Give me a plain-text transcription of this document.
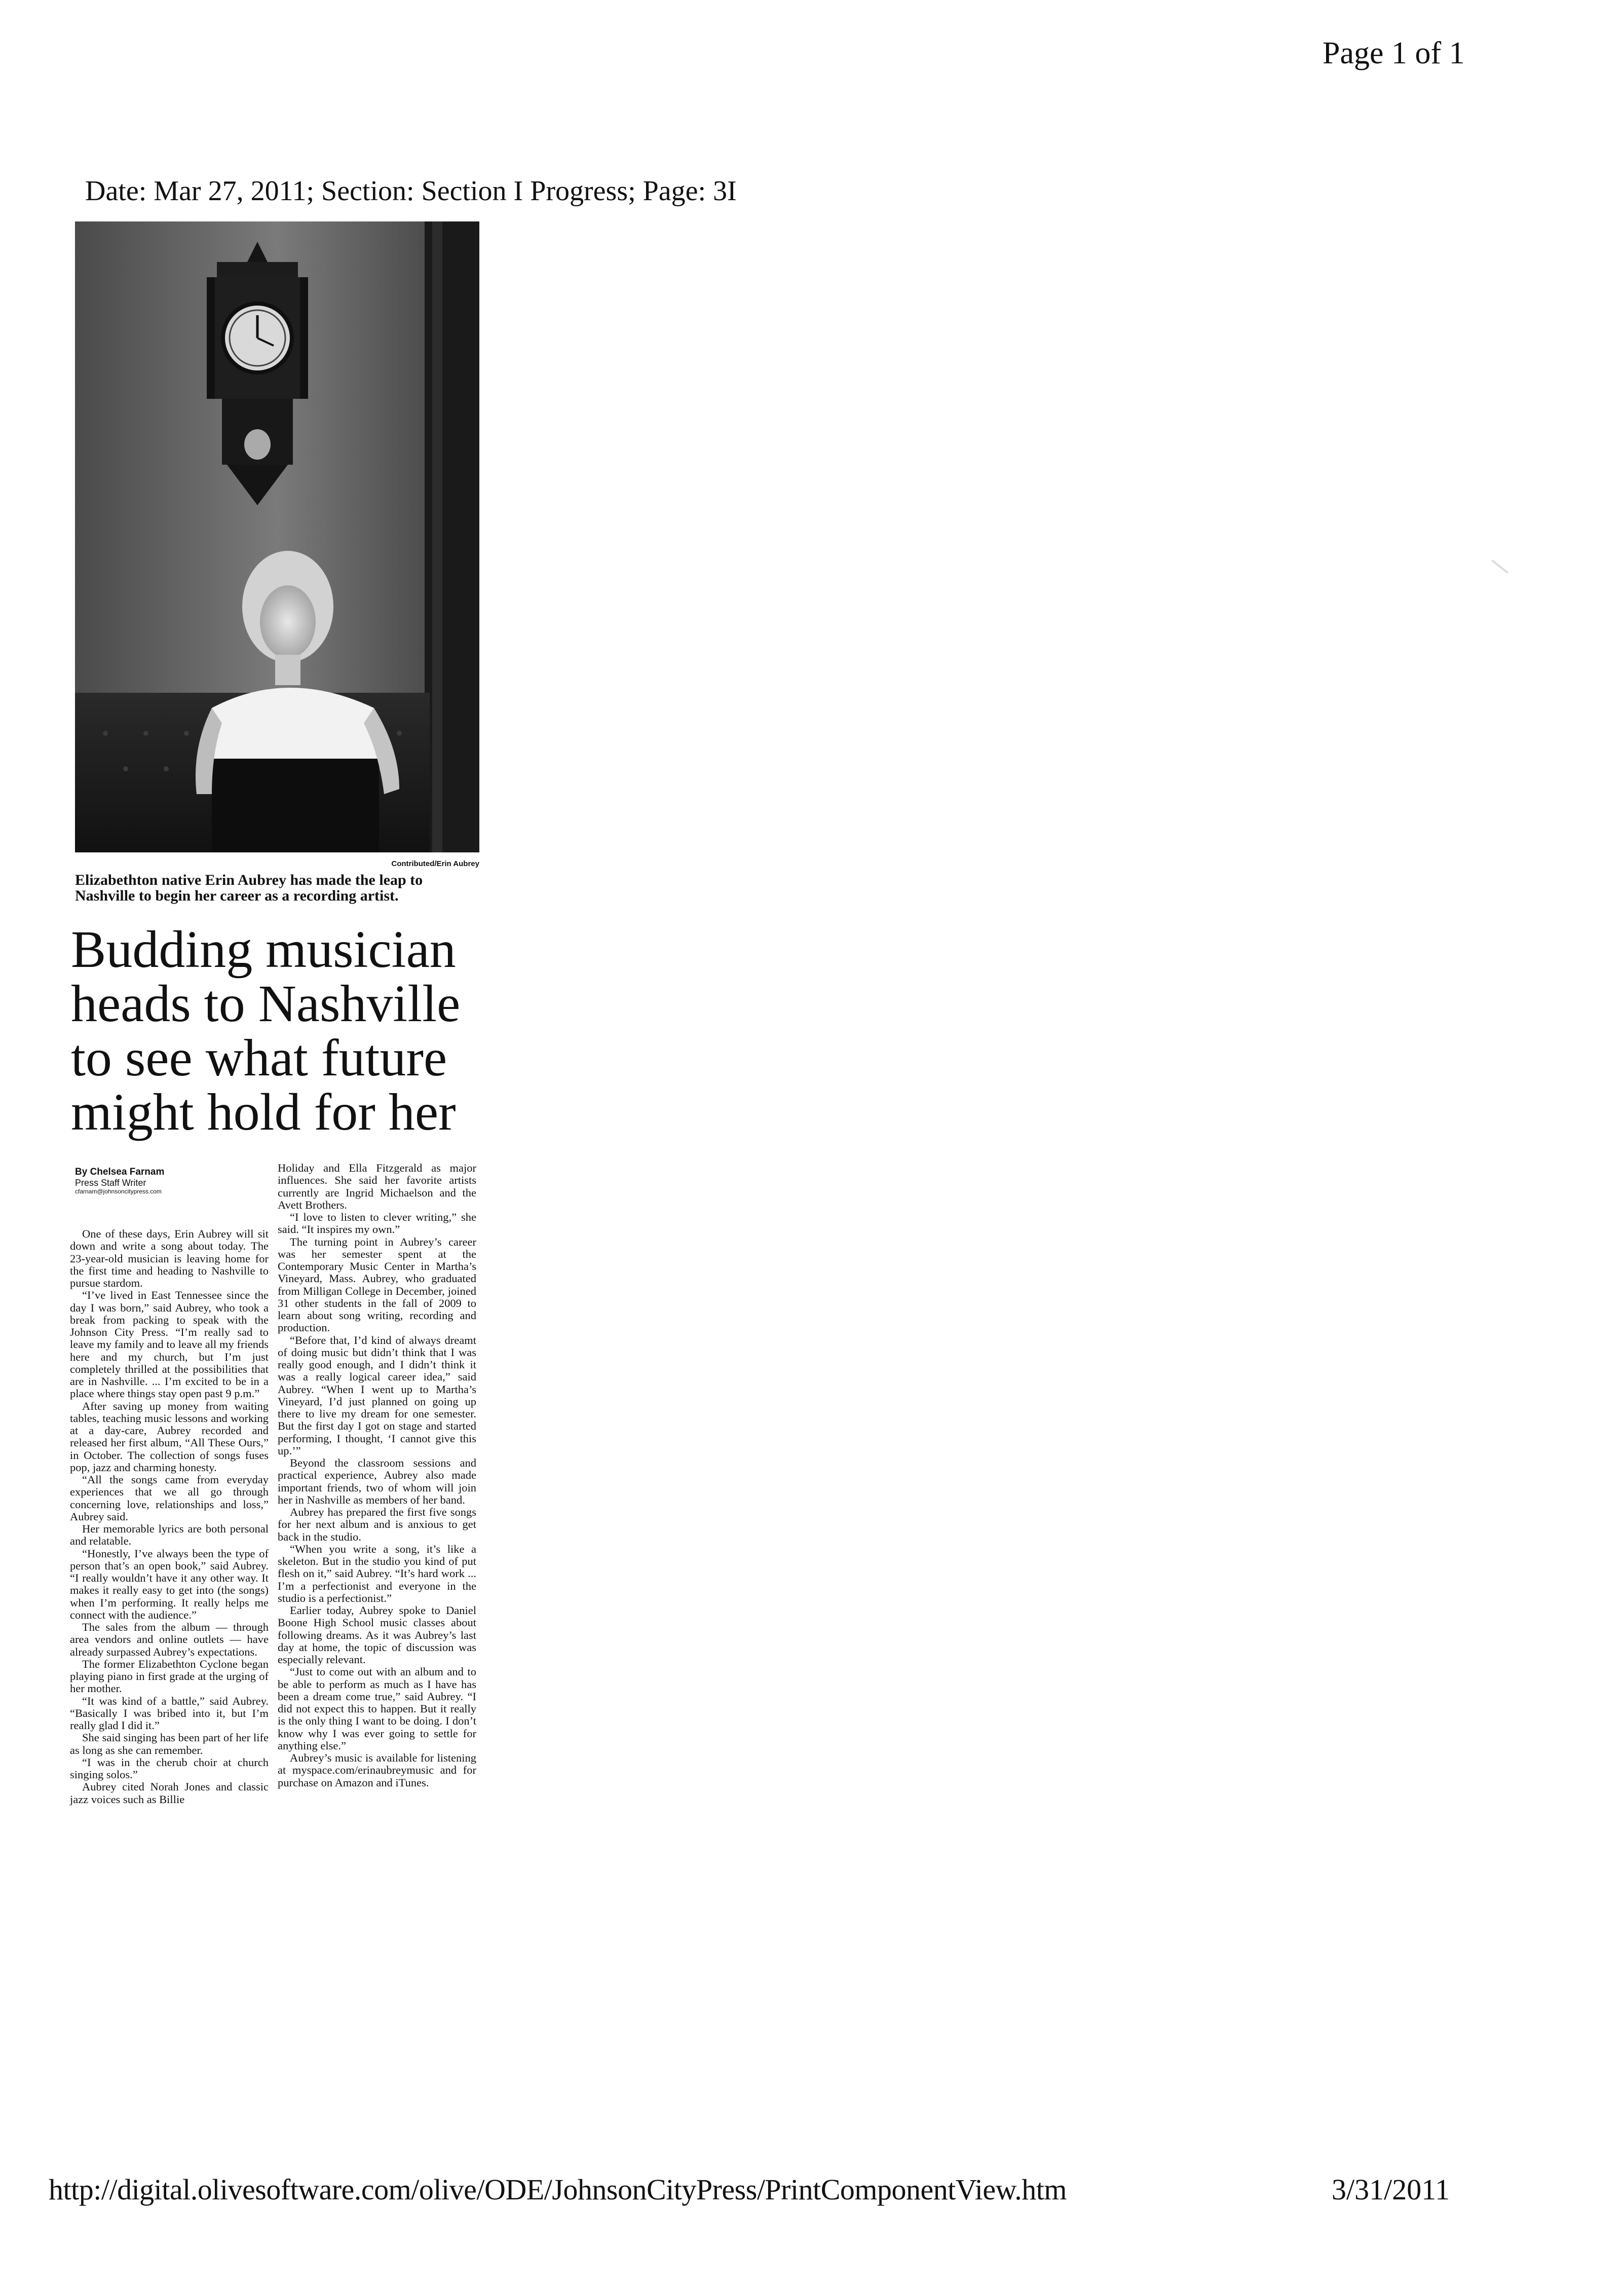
Page 1 of 1
Date: Mar 27, 2011; Section: Section I Progress; Page: 3I
Contributed/Erin Aubrey
Elizabethton native Erin Aubrey has made the leap to Nashville to begin her career as a recording artist.
Budding musician heads to Nashville to see what future might hold for her
By Chelsea Farnam
Press Staff Writer
cfarnam@johnsoncitypress.com

One of these days, Erin Aubrey will sit down and write a song about today. The 23-year-old musician is leaving home for the first time and heading to Nashville to pursue stardom.

“I’ve lived in East Tennessee since the day I was born,” said Aubrey, who took a break from packing to speak with the Johnson City Press. “I’m really sad to leave my family and to leave all my friends here and my church, but I’m just completely thrilled at the possibilities that are in Nashville. ... I’m excited to be in a place where things stay open past 9 p.m.”

After saving up money from waiting tables, teaching music lessons and working at a day-care, Aubrey recorded and released her first album, “All These Ours,” in October. The collection of songs fuses pop, jazz and charming honesty.

“All the songs came from everyday experiences that we all go through concerning love, relationships and loss,” Aubrey said.

Her memorable lyrics are both personal and relatable.

“Honestly, I’ve always been the type of person that’s an open book,” said Aubrey. “I really wouldn’t have it any other way. It makes it really easy to get into (the songs) when I’m performing. It really helps me connect with the audience.”

The sales from the album — through area vendors and online outlets — have already surpassed Aubrey’s expectations.

The former Elizabethton Cyclone began playing piano in first grade at the urging of her mother.

“It was kind of a battle,” said Aubrey. “Basically I was bribed into it, but I’m really glad I did it.”

She said singing has been part of her life as long as she can remember.

“I was in the cherub choir at church singing solos.”

Aubrey cited Norah Jones and classic jazz voices such as Billie

Holiday and Ella Fitzgerald as major influences. She said her favorite artists currently are Ingrid Michaelson and the Avett Brothers.

“I love to listen to clever writing,” she said. “It inspires my own.”

The turning point in Aubrey’s career was her semester spent at the Contemporary Music Center in Martha’s Vineyard, Mass. Aubrey, who graduated from Milligan College in December, joined 31 other students in the fall of 2009 to learn about song writing, recording and production.

“Before that, I’d kind of always dreamt of doing music but didn’t think that I was really good enough, and I didn’t think it was a really logical career idea,” said Aubrey. “When I went up to Martha’s Vineyard, I’d just planned on going up there to live my dream for one semester. But the first day I got on stage and started performing, I thought, ‘I cannot give this up.’”

Beyond the classroom sessions and practical experience, Aubrey also made important friends, two of whom will join her in Nashville as members of her band.

Aubrey has prepared the first five songs for her next album and is anxious to get back in the studio.

“When you write a song, it’s like a skeleton. But in the studio you kind of put flesh on it,” said Aubrey. “It’s hard work ... I’m a perfectionist and everyone in the studio is a perfectionist.”

Earlier today, Aubrey spoke to Daniel Boone High School music classes about following dreams. As it was Aubrey’s last day at home, the topic of discussion was especially relevant.

“Just to come out with an album and to be able to perform as much as I have has been a dream come true,” said Aubrey. “I did not expect this to happen. But it really is the only thing I want to be doing. I don’t know why I was ever going to settle for anything else.”

Aubrey’s music is available for listening at myspace.com/erinaubreymusic and for purchase on Amazon and iTunes.

http://digital.olivesoftware.com/olive/ODE/JohnsonCityPress/PrintComponentView.htm	3/31/2011
